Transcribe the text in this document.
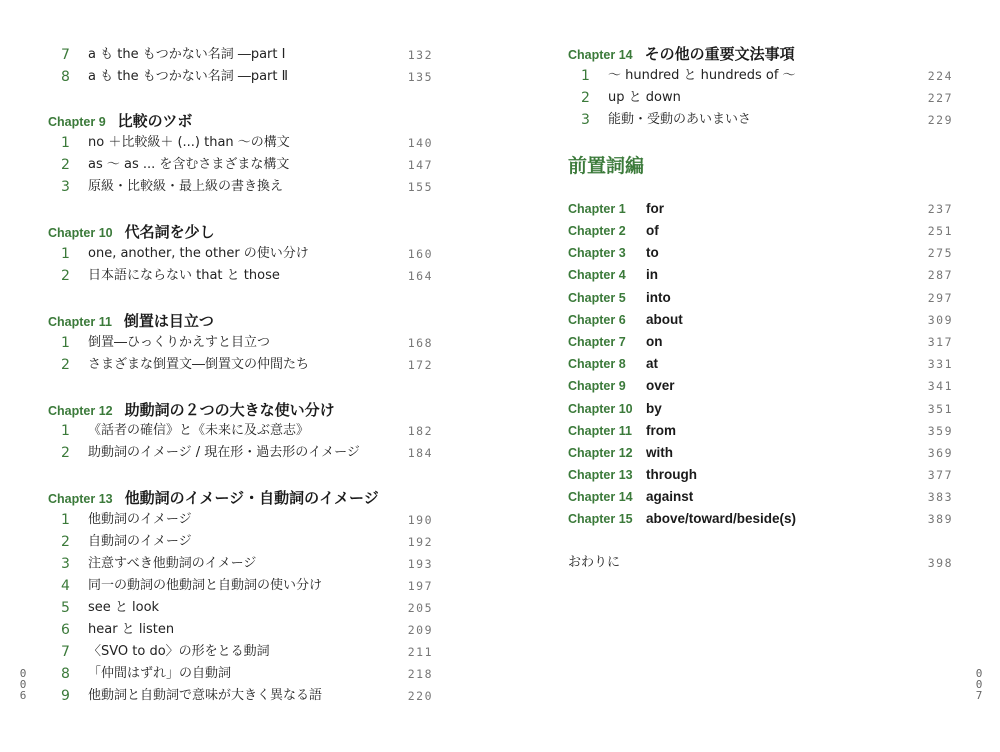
7	a も the もつかない名詞 ―part Ⅰ	132
8	a も the もつかない名詞 ―part Ⅱ	135
Chapter 9 比較のツボ
1	no ＋比較級＋ (...) than 〜の構文	140
2	as 〜 as ... を含むさまざまな構文	147
3	原級・比較級・最上級の書き換え	155
Chapter 10 代名詞を少し
1	one, another, the other の使い分け	160
2	日本語にならない that と those	164
Chapter 11 倒置は目立つ
1	倒置―ひっくりかえすと目立つ	168
2	さまざまな倒置文―倒置文の仲間たち	172
Chapter 12 助動詞の２つの大きな使い分け
1	《話者の確信》と《未来に及ぶ意志》	182
2	助動詞のイメージ / 現在形・過去形のイメージ	184
Chapter 13 他動詞のイメージ・自動詞のイメージ
1	他動詞のイメージ	190
2	自動詞のイメージ	192
3	注意すべき他動詞のイメージ	193
4	同一の動詞の他動詞と自動詞の使い分け	197
5	see と look	205
6	hear と listen	209
7	〈SVO to do〉の形をとる動詞	211
8	「仲間はずれ」の自動詞	218
9	他動詞と自動詞で意味が大きく異なる語	220
0
0
6
Chapter 14 その他の重要文法事項
1	〜 hundred と hundreds of 〜	224
2	up と down	227
3	能動・受動のあいまいさ	229
前置詞編
Chapter 1 for	237
Chapter 2 of	251
Chapter 3 to	275
Chapter 4 in	287
Chapter 5 into	297
Chapter 6 about	309
Chapter 7 on	317
Chapter 8 at	331
Chapter 9 over	341
Chapter 10 by	351
Chapter 11 from	359
Chapter 12 with	369
Chapter 13 through	377
Chapter 14 against	383
Chapter 15 above/toward/beside(s)	389
おわりに	398
0
0
7
